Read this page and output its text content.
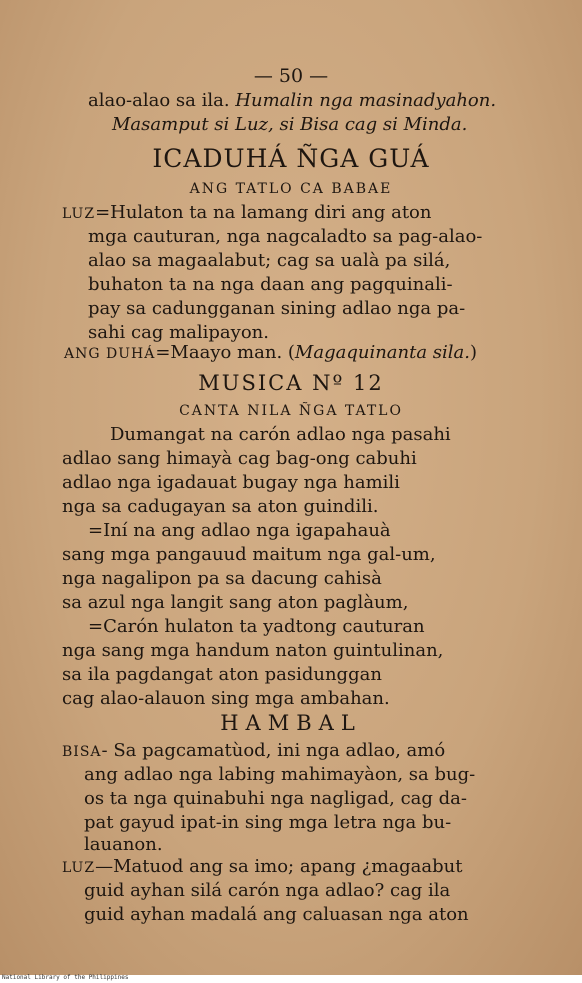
— 50 —
alao-alao sa ila. Humalin nga masinadyahon.
Masamput si Luz, si Bisa cag si Minda.
ICADUHÁ ÑGA GUÁ
ANG TATLO CA BABAE
LUZ=Hulaton ta na lamang diri ang aton
mga cauturan, nga nagcaladto sa pag-alao-
alao sa magaalabut; cag sa ualà pa silá,
buhaton ta na nga daan ang pagquinali-
pay sa cadungganan sining adlao nga pa-
sahi cag malipayon.
ANG DUHÁ=Maayo man. (Magaquinanta sila.)
MUSICA Nº 12
CANTA NILA ÑGA TATLO
Dumangat na carón adlao nga pasahi
adlao sang himayà cag bag-ong cabuhi
adlao nga igadauat bugay nga hamili
nga sa cadugayan sa aton guindili.
=Iní na ang adlao nga igapahauà
sang mga pangauud maitum nga gal-um,
nga nagalipon pa sa dacung cahisà
sa azul nga langit sang aton paglàum,
=Carón hulaton ta yadtong cauturan
nga sang mga handum naton guintulinan,
sa ila pagdangat aton pasidunggan
cag alao-alauon sing mga ambahan.
HAMBAL
BISA- Sa pagcamatùod, ini nga adlao, amó
ang adlao nga labing mahimayàon, sa bug-
os ta nga quinabuhi nga nagligad, cag da-
pat gayud ipat-in sing mga letra nga bu-
lauanon.
LUZ—Matuod ang sa imo; apang ¿magaabut
guid ayhan silá carón nga adlao? cag ila
guid ayhan madalá ang caluasan nga aton
National Library of the Philippines
